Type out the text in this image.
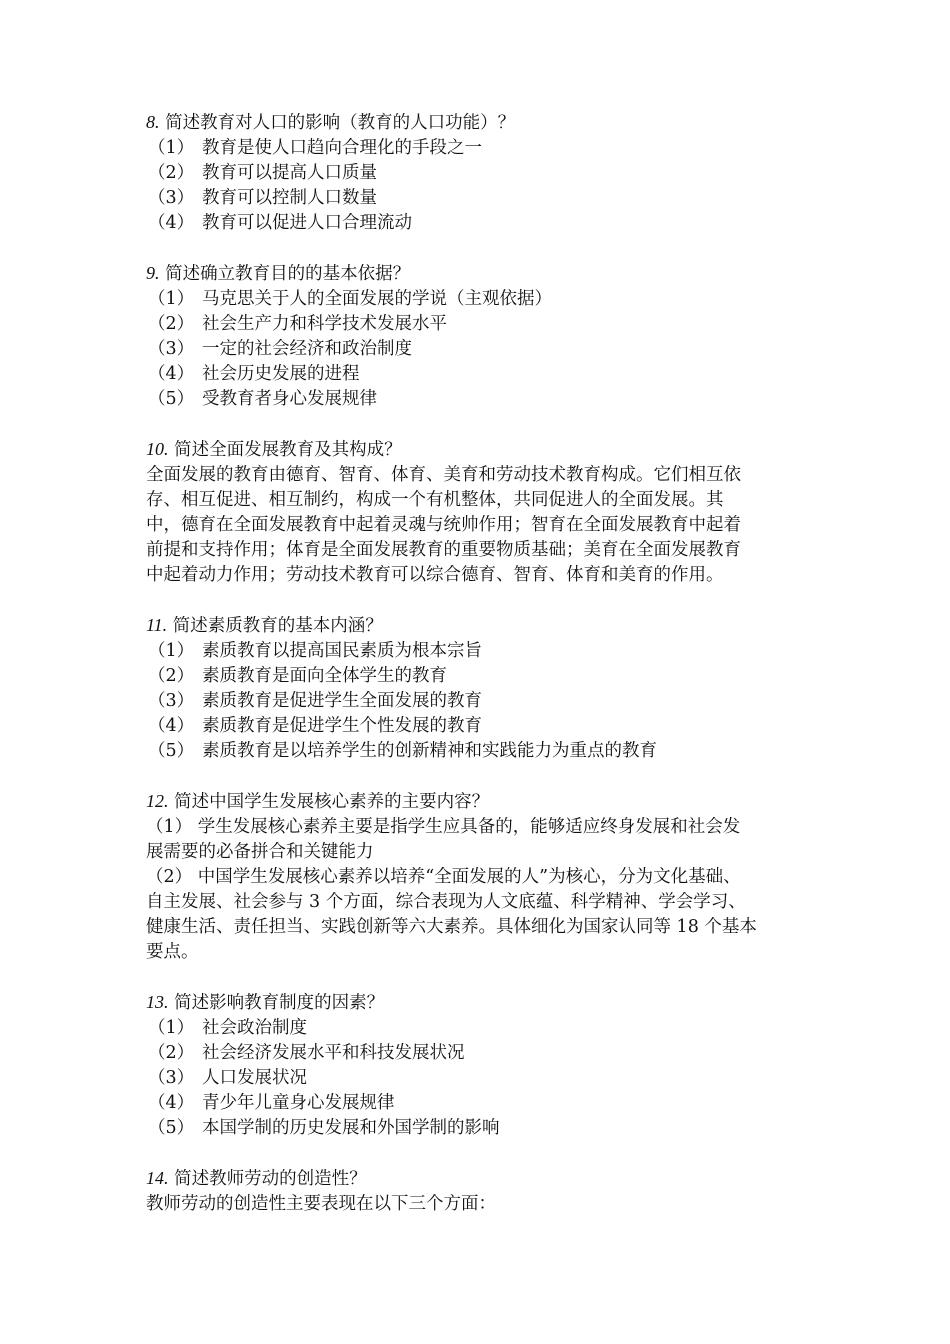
8. 简述教育对人口的影响（教育的人口功能）？
（1） 教育是使人口趋向合理化的手段之一
（2） 教育可以提高人口质量
（3） 教育可以控制人口数量
（4） 教育可以促进人口合理流动
9. 简述确立教育目的的基本依据？
（1） 马克思关于人的全面发展的学说（主观依据）
（2） 社会生产力和科学技术发展水平
（3） 一定的社会经济和政治制度
（4） 社会历史发展的进程
（5） 受教育者身心发展规律
10. 简述全面发展教育及其构成？
全面发展的教育由德育、智育、体育、美育和劳动技术教育构成。它们相互依
存、相互促进、相互制约，构成一个有机整体，共同促进人的全面发展。其
中，德育在全面发展教育中起着灵魂与统帅作用；智育在全面发展教育中起着
前提和支持作用；体育是全面发展教育的重要物质基础；美育在全面发展教育
中起着动力作用；劳动技术教育可以综合德育、智育、体育和美育的作用。
11. 简述素质教育的基本内涵？
（1） 素质教育以提高国民素质为根本宗旨
（2） 素质教育是面向全体学生的教育
（3） 素质教育是促进学生全面发展的教育
（4） 素质教育是促进学生个性发展的教育
（5） 素质教育是以培养学生的创新精神和实践能力为重点的教育
12. 简述中国学生发展核心素养的主要内容？
（1） 学生发展核心素养主要是指学生应具备的，能够适应终身发展和社会发
展需要的必备拼合和关键能力
（2） 中国学生发展核心素养以培养“全面发展的人”为核心，分为文化基础、
自主发展、社会参与 3 个方面，综合表现为人文底蕴、科学精神、学会学习、
健康生活、责任担当、实践创新等六大素养。具体细化为国家认同等 18 个基本
要点。
13. 简述影响教育制度的因素？
（1） 社会政治制度
（2） 社会经济发展水平和科技发展状况
（3） 人口发展状况
（4） 青少年儿童身心发展规律
（5） 本国学制的历史发展和外国学制的影响
14. 简述教师劳动的创造性？
教师劳动的创造性主要表现在以下三个方面：
